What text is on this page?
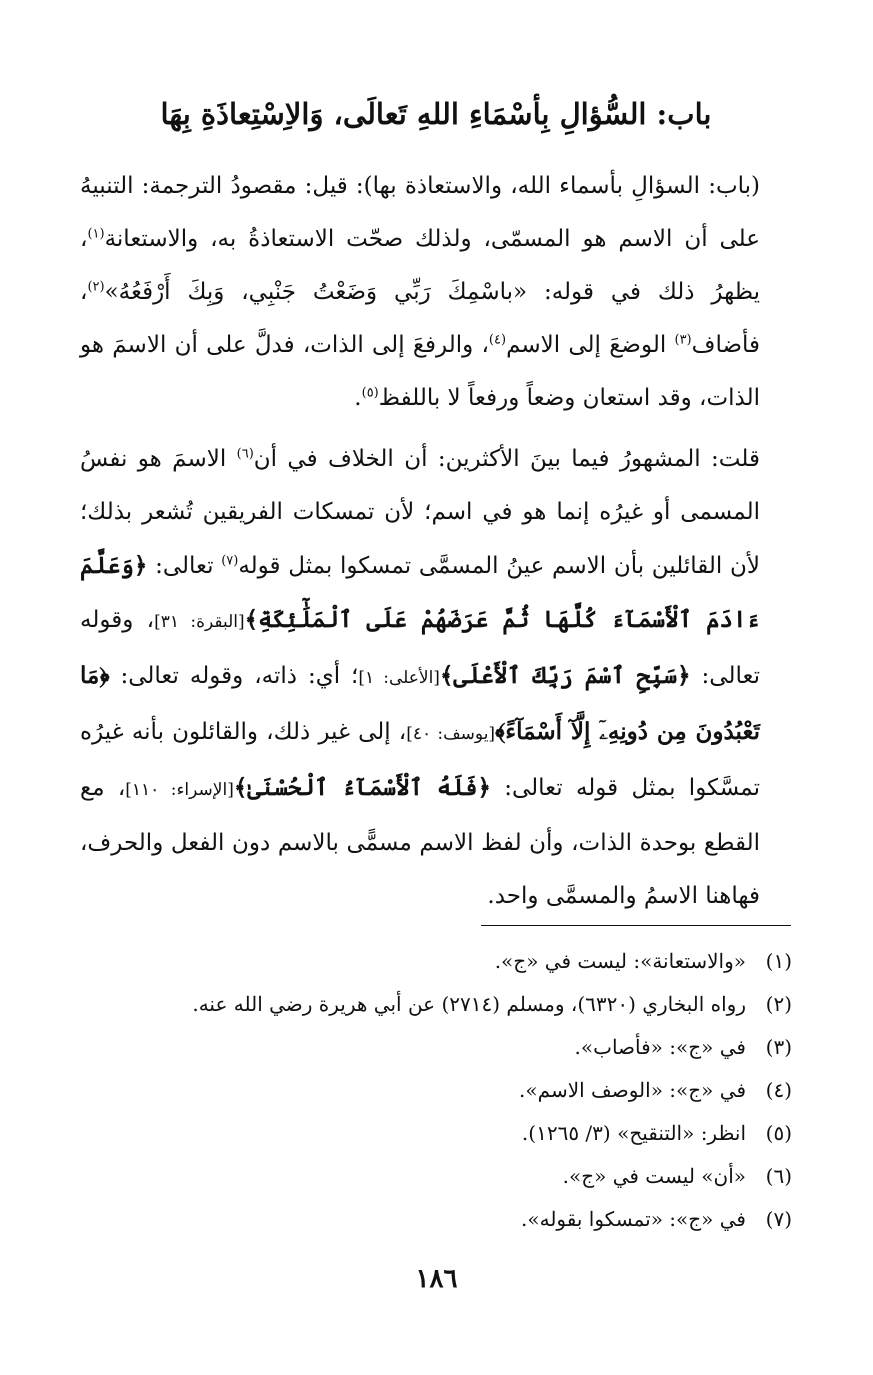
باب: السُّؤالِ بِأسْمَاءِ اللهِ تَعالَى، وَالاِسْتِعاذَةِ بِهَا

(باب: السؤالِ بأسماء الله، والاستعاذة بها): قيل: مقصودُ الترجمة: التنبيهُ على أن الاسم هو المسمّى، ولذلك صحّت الاستعاذةُ به، والاستعانة$^{(١)}$، يظهرُ ذلك في قوله: «باسْمِكَ رَبِّي وَضَعْتُ جَنْبِي، وَبِكَ أَرْفَعُهُ»$^{(٢)}$، فأضاف$^{(٣)}$ الوضعَ إلى الاسم$^{(٤)}$، والرفعَ إلى الذات، فدلَّ على أن الاسمَ هو الذات، وقد استعان وضعاً ورفعاً لا باللفظ$^{(٥)}$.

قلت: المشهورُ فيما بينَ الأكثرين: أن الخلاف في أن$^{(٦)}$ الاسمَ هو نفسُ المسمى أو غيرُه إنما هو في اسم؛ لأن تمسكات الفريقين تُشعر بذلك؛ لأن القائلين بأن الاسم عينُ المسمَّى تمسكوا بمثل قوله$^{(٧)}$ تعالى: ﴿وَعَلَّمَ ءَادَمَ ٱلْأَسْمَآءَ كُلَّهَا ثُمَّ عَرَضَهُمْ عَلَى ٱلْمَلَٰٓئِكَةِ﴾[البقرة: ٣١]، وقوله تعالى: ﴿سَبِّحِ ٱسْمَ رَبِّكَ ٱلْأَعْلَى﴾[الأعلى: ١]؛ أي: ذاته، وقوله تعالى: ﴿مَا تَعْبُدُونَ مِن دُونِهِۦٓ إِلَّآ أَسْمَآءً﴾[يوسف: ٤٠]، إلى غير ذلك، والقائلون بأنه غيرُه تمسَّكوا بمثل قوله تعالى: ﴿فَلَهُ ٱلْأَسْمَآءُ ٱلْحُسْنَىٰ﴾[الإسراء: ١١٠]، مع القطع بوحدة الذات، وأن لفظ الاسم مسمًّى بالاسم دون الفعل والحرف، فهاهنا الاسمُ والمسمَّى واحد.

(١)«والاستعانة»: ليست في «ج».
(٢)رواه البخاري (٦٣٢٠)، ومسلم (٢٧١٤) عن أبي هريرة رضي الله عنه.
(٣)في «ج»: «فأصاب».
(٤)في «ج»: «الوصف الاسم».
(٥)انظر: «التنقيح» (٣/ ١٢٦٥).
(٦)«أن» ليست في «ج».
(٧)في «ج»: «تمسكوا بقوله».
١٨٦
